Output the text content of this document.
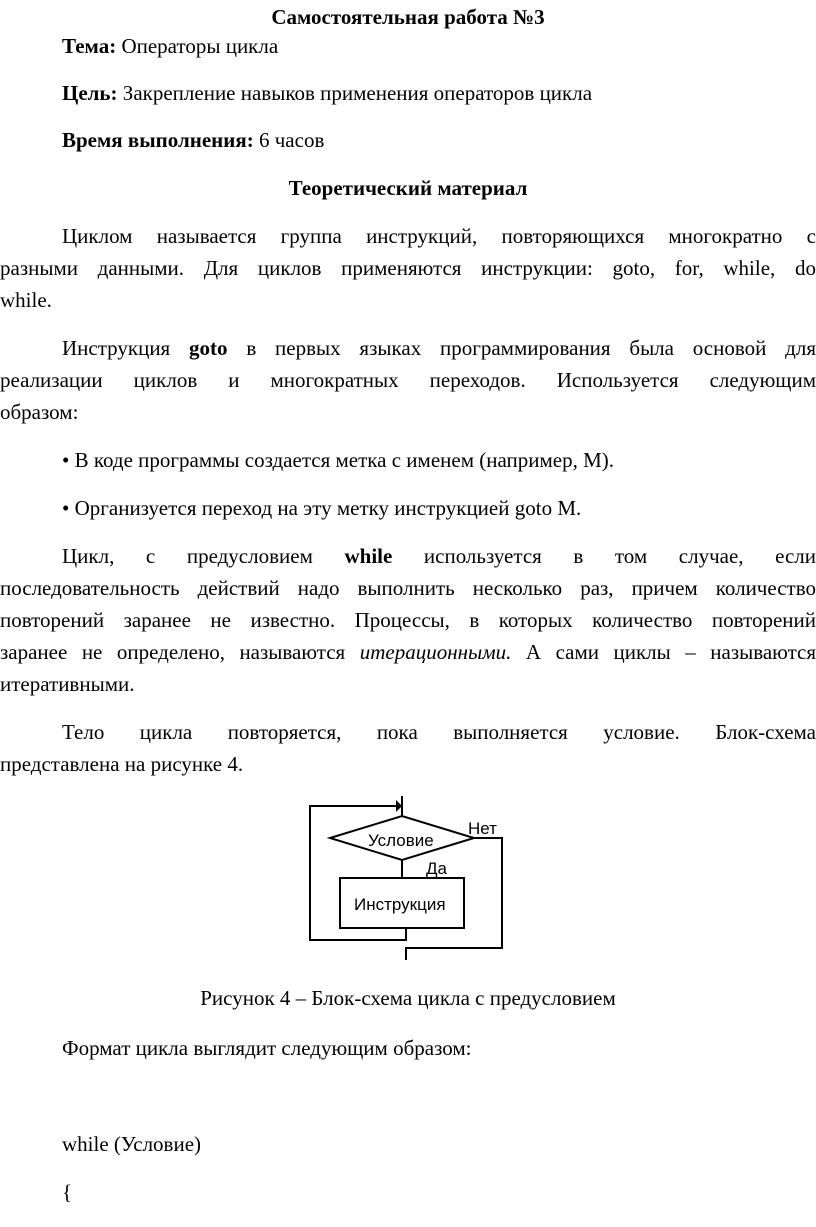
Самостоятельная работа №3
Тема: Операторы цикла
Цель: Закрепление навыков применения операторов цикла
Время выполнения: 6 часов
Теоретический материал
Циклом называется группа инструкций, повторяющихся многократно с
разными данными. Для циклов применяются инструкции: goto, for, while, do
while.
Инструкция goto в первых языках программирования была основой для
реализации циклов и многократных переходов. Используется следующим
образом:
• В коде программы создается метка с именем (например, M).
• Организуется переход на эту метку инструкцией goto M.
Цикл, с предусловием while используется в том случае, если
последовательность действий надо выполнить несколько раз, причем количество
повторений заранее не известно. Процессы, в которых количество повторений
заранее не определено, называются итерационными. А сами циклы – называются
итеративными.
Тело цикла повторяется, пока выполняется условие. Блок-схема
представлена на рисунке 4.
Условие
Нет
Да
Инструкция
Рисунок 4 – Блок-схема цикла с предусловием
Формат цикла выглядит следующим образом:
while (Условие)
{
